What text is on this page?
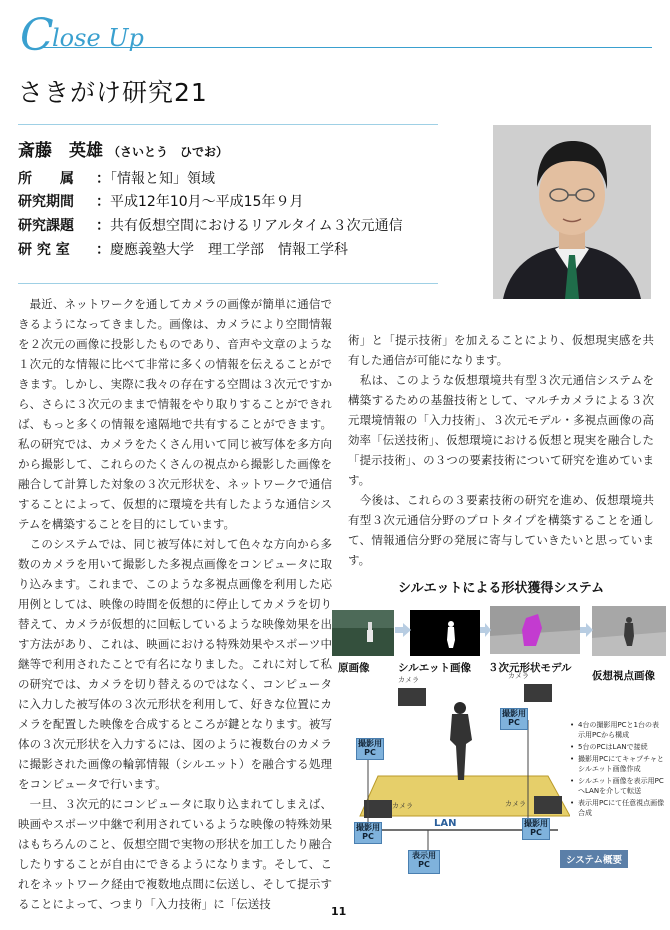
C
lose Up
さきがけ研究21
斎藤　英雄 （さいとう　ひでお）
所　　属 ：「情報と知」領域
研究期間 ：平成12年10月〜平成15年９月
研究課題 ：共有仮想空間におけるリアルタイム３次元通信
研 究 室 ：慶應義塾大学　理工学部　情報工学科

　最近、ネットワークを通してカメラの画像が簡単に通信できるようになってきました。画像は、カメラにより空間情報を２次元の画像に投影したものであり、音声や文章のような１次元的な情報に比べて非常に多くの情報を伝えることができます。しかし、実際に我々の存在する空間は３次元ですから、さらに３次元のままで情報をやり取りすることができれば、もっと多くの情報を遠隔地で共有することができます。私の研究では、カメラをたくさん用いて同じ被写体を多方向から撮影して、これらのたくさんの視点から撮影した画像を融合して計算した対象の３次元形状を、ネットワークで通信することによって、仮想的に環境を共有したような通信システムを構築することを目的にしています。

　このシステムでは、同じ被写体に対して色々な方向から多数のカメラを用いて撮影した多視点画像をコンピュータに取り込みます。これまで、このような多視点画像を利用した応用例としては、映像の時間を仮想的に停止してカメラを切り替えて、カメラが仮想的に回転しているような映像効果を出す方法があり、これは、映画における特殊効果やスポーツ中継等で利用されたことで有名になりました。これに対して私の研究では、カメラを切り替えるのではなく、コンピュータに入力した被写体の３次元形状を利用して、好きな位置にカメラを配置した映像を合成するところが鍵となります。被写体の３次元形状を入力するには、図のように複数台のカメラに撮影された画像の輪郭情報（シルエット）を融合する処理をコンピュータで行います。

　一旦、３次元的にコンピュータに取り込まれてしまえば、映画やスポーツ中継で利用されているような映像の特殊効果はもちろんのこと、仮想空間で実物の形状を加工したり融合したりすることが自由にできるようになります。そして、これをネットワーク経由で複数地点間に伝送し、そして提示することによって、つまり「入力技術」に「伝送技

術」と「提示技術」を加えることにより、仮想現実感を共有した通信が可能になります。

　私は、このような仮想環境共有型３次元通信システムを構築するための基盤技術として、マルチカメラによる３次元環境情報の「入力技術」、３次元モデル・多視点画像の高効率「伝送技術」、仮想環境における仮想と現実を融合した「提示技術」、の３つの要素技術について研究を進めています。

　今後は、これらの３要素技術の研究を進め、仮想環境共有型３次元通信分野のプロトタイプを構築することを通して、情報通信分野の発展に寄与していきたいと思っています。

シルエットによる形状獲得システム
原画像	シルエット画像 ３次元形状モデル
仮想視点画像
カメラ	カメラ
カメラ	カメラ
撮影用PC
撮影用PC
撮影用PC
撮影用PC
表示用PC
LAN
• 4台の撮影用PCと1台の表示用PCから構成
• 5台のPCはLANで接続
• 撮影用PCにてキャプチャとシルエット画像作成
• シルエット画像を表示用PCへLANを介して転送
• 表示用PCにて任意視点画像合成
システム概要
11
